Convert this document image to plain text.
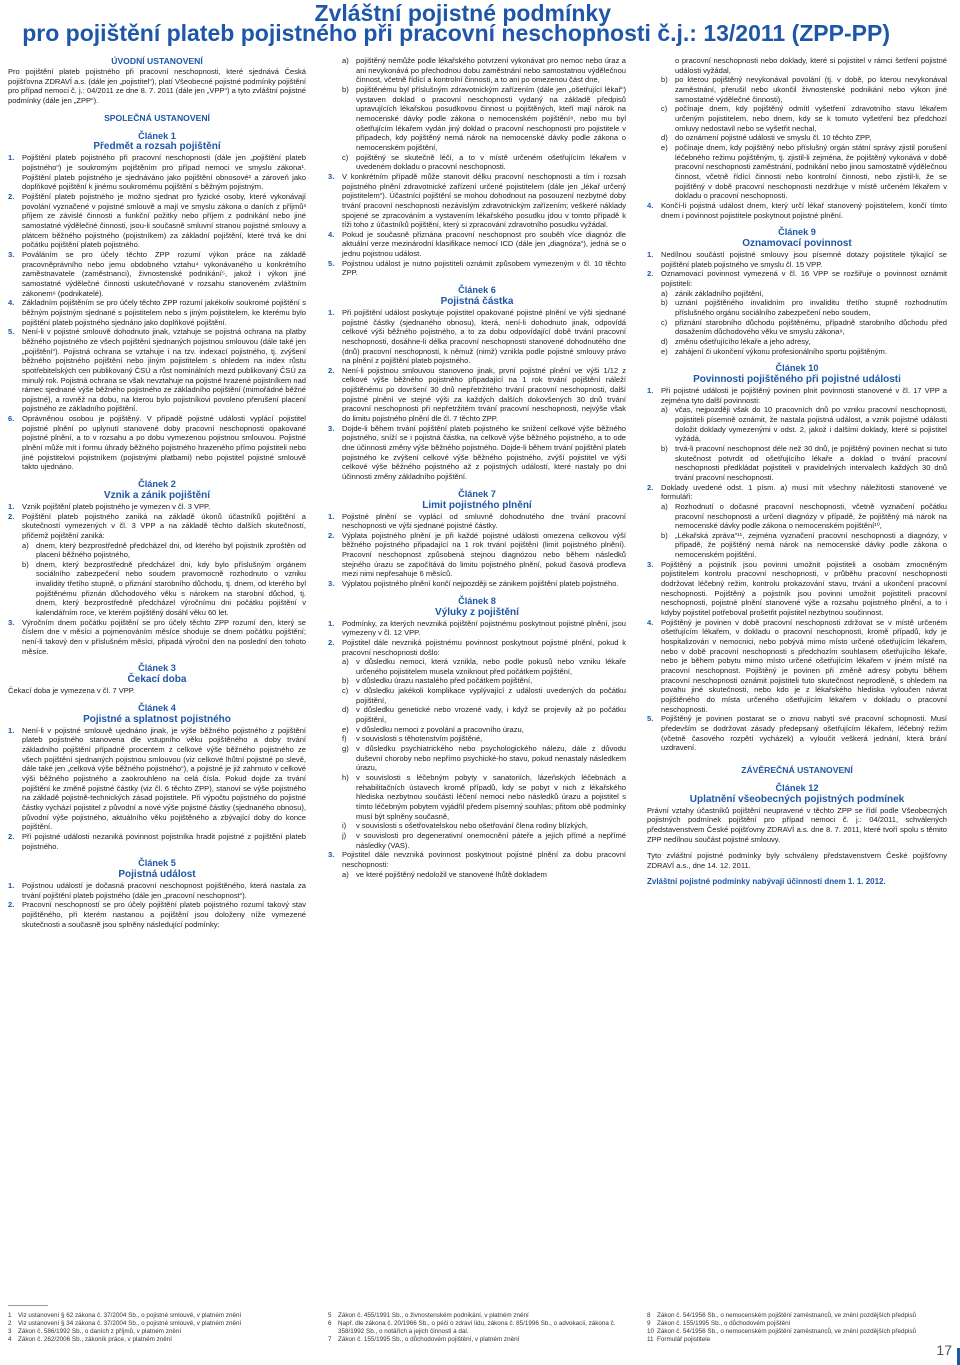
Zvláštní pojistné podmínky
pro pojištění plateb pojistného při pracovní neschopnosti č.j.: 13/2011 (ZPP-PP)
ÚVODNÍ USTANOVENÍ

Pro pojištění plateb pojistného při pracovní neschopnosti, které sjednává Česká pojišťovna ZDRAVÍ a.s. (dále jen „pojistitel“), platí Všeobecné pojistné podmínky pojištění pro případ nemoci č. j.: 04/2011 ze dne 8. 7. 2011 (dále jen „VPP“) a tyto zvláštní pojistné podmínky (dále jen „ZPP“).

SPOLEČNÁ USTANOVENÍ
Článek 1
Předmět a rozsah pojištění
1.	Pojištění plateb pojistného při pracovní neschopnosti (dále jen „pojištění plateb pojistného“) je soukromým pojištěním pro případ nemoci ve smyslu zákona¹. Pojištění plateb pojistného je sjednáváno jako pojištění obnosové² a zároveň jako doplňkové pojištění k jinému soukromému pojištění s běžným pojistným.
2.	Pojištění plateb pojistného je možno sjednat pro fyzické osoby, které vykonávají povolání vyznačené v pojistné smlouvě a mají ve smyslu zákona o daních z příjmů³ příjem ze závislé činnosti a funkční požitky nebo příjem z podnikání nebo jiné samostatné výdělečné činnosti, jsou-li současně smluvní stranou pojistné smlouvy a plátcem běžného pojistného (pojistníkem) za základní pojištění, které trvá ke dni počátku pojištění plateb pojistného.
3.	Pováláním se pro účely těchto ZPP rozumí výkon práce na základě pracovněprávního nebo jemu obdobného vztahu⁴ vykonávaného u konkrétního zaměstnavatele (zaměstnanci), živnostenské podnikání⁵, jakož i výkon jiné samostatné výdělečné činnosti uskutečňované v rozsahu stanoveném zvláštním zákonem⁶ (podnikatelé).
4.	Základním pojištěním se pro účely těchto ZPP rozumí jakékoliv soukromé pojištění s běžným pojistným sjednané s pojistitelem nebo s jiným pojistitelem, ke kterému bylo pojištění plateb pojistného sjednáno jako doplňkové pojištění.
5.	Není-li v pojistné smlouvě dohodnuto jinak, vztahuje se pojistná ochrana na platby běžného pojistného ze všech pojištění sjednaných pojistnou smlouvou (dále také jen „pojištění“). Pojistná ochrana se vztahuje i na tzv. indexací pojistného, tj. zvýšení běžného pojistného pojištění nebo jiným pojistitelem s ohledem na index růstu spotřebitelských cen publikovaný ČSÚ a růst nominálních mezd publikovaný ČSÚ za minulý rok. Pojistná ochrana se však nevztahuje na pojistné hrazené pojistníkem nad rámec sjednané výše běžného pojistného ze základního pojištění (mimořádné běžné pojistné), a rovněž na dobu, na kterou bylo pojistníkovi povoleno přerušení placení pojistného ze základního pojištění.
6.	Oprávněnou osobou je pojištěný. V případě pojistné události vyplácí pojistitel pojistné plnění po uplynutí stanovené doby pracovní neschopnosti opakované pojistné plnění, a to v rozsahu a po dobu vymezenou pojistnou smlouvou. Pojistné plnění může mít i formu úhrady běžného pojistného hrazeného přímo pojistiteli nebo jiné pojistitelovi pojistníkem (pojistnými platbami) nebo pojistitel pojistné smlouvě takto ujednáno.
Článek 2
Vznik a zánik pojištění
1.	Vznik pojištění plateb pojistného je vymezen v čl. 3 VPP.
2.	Pojištění plateb pojistného zaniká na základě úkonů účastníků pojištění a skutečností vymezených v čl. 3 VPP a na základě těchto dalších skutečností, přičemž pojištění zaniká:
a) dnem, který bezprostředně předcházel dni, od kterého byl pojistník zproštěn od placení běžného pojistného,
b) dnem, který bezprostředně předcházel dni, kdy bylo příslušným orgánem sociálního zabezpečení nebo soudem pravomocně rozhodnuto o vzniku invalidity třetího stupně, o přiznání starobního důchodu, tj. dnem, od kterého byl pojištěnému přiznán důchodového věku s nárokem na starobní důchod, tj. dnem, který bezprostředně předcházel výročnímu dni počátku pojištění v kalendářním roce, ve kterém pojištěný dosáhl věku 60 let.
3.	Výročním dnem počátku pojištění se pro účely těchto ZPP rozumí den, který se číslem dne v měsíci a pojmenováním měsíce shoduje se dnem počátku pojištění; není-li takový den v příslušném měsíci, připadá výroční den na poslední den tohoto měsíce.
Článek 3
Čekací doba

Čekací doba je vymezena v čl. 7 VPP.

Článek 4
Pojistné a splatnost pojistného
1.	Není-li v pojistné smlouvě ujednáno jinak, je výše běžného pojistného z pojištění plateb pojistného stanovena dle vstupního věku pojištěného a doby trvání základního pojištění případně procentem z celkové výše běžného pojistného ze všech pojištění sjednaných pojistnou smlouvou (viz celkové lhůtní pojistné po slevě, dále také jen „celková výše běžného pojistného“), a pojistné je již zahrnuto v celkové výši běžného pojistného a zaokrouhleno na celá čísla. Pokud dojde za trvání pojištění ke změně pojistné částky (viz čl. 6 těchto ZPP), stanoví se výše pojistného na základě pojistně-technických zásad pojistitele. Při výpočtu pojistného do pojistné částky vychází pojistitel z původní a nové výše pojistné částky (sjednaného obnosu), původní výše pojistného, aktuálního věku pojištěného a zbývající doby do konce pojištění.
2.	Při pojistné události nezaniká povinnost pojistníka hradit pojistné z pojištění plateb pojistného.
Článek 5
Pojistná událost
1.	Pojistnou událostí je dočasná pracovní neschopnost pojištěného, která nastala za trvání pojištění plateb pojistného (dále jen „pracovní neschopnost“).
2.	Pracovní neschopností se pro účely pojištění plateb pojistného rozumí takový stav pojištěného, při kterém nastanou a pojištění jsou doloženy níže vymezené skutečnosti a současně jsou splněny následující podmínky:
a) pojištěný nemůže podle lékařského potvrzení vykonávat pro nemoc nebo úraz a ani nevykonává po přechodnou dobu zaměstnání nebo samostatnou výdělečnou činnost, včetně řídící a kontrolní činnosti, a to ani po omezenou část dne,
b) pojištěnému byl příslušným zdravotnickým zařízením (dále jen „ošetřující lékař“) vystaven doklad o pracovní neschopnosti vydaný na základě předpisů upravujících lékařskou posudkovou činnost u pojištěných, kteří mají nárok na nemocenské dávky podle zákona o nemocenském pojištění⁸, nebo mu byl ošetřujícím lékařem vydán jiný doklad o pracovní neschopnosti pro pojistitele v případech, kdy pojištěný nemá nárok na nemocenské dávky podle zákona o nemocenském pojištění,
c)	pojištěný se skutečně léčí, a to v místě určeném ošetřujícím lékařem v uvedeném dokladu o pracovní neschopnosti.
3.	V konkrétním případě může stanovit délku pracovní neschopnosti a tím i rozsah pojistného plnění zdravotnické zařízení určené pojistitelem (dále jen „lékař určený pojistitelem“). Účastníci pojištění se mohou dohodnout na posouzení nezbytné doby trvání pracovní neschopnosti nezávislým zdravotnickým zařízením; veškeré náklady spojené se zpracováním a vystavením lékařského posudku jdou v tomto případě k tíži toho z účastníků pojištění, který si zpracování zdravotního posudku vyžádal.
4.	Pokud je současně přiznána pracovní neschopnost pro souběh více diagnóz dle aktuální verze mezinárodní klasifikace nemocí ICD (dále jen „diagnóza“), jedná se o jednu pojistnou událost.
5.	Pojistnou událost je nutno pojistiteli oznámit způsobem vymezeným v čl. 10 těchto ZPP.
Článek 6
Pojistná částka
1.	Při pojištění událost poskytuje pojistitel opakované pojistné plnění ve výši sjednané pojistné částky (sjednaného obnosu), která, není-li dohodnuto jinak, odpovídá celkové výši běžného pojistného, a to za dobu odpovídající době trvání pracovní neschopnosti, dosáhne-li délka pracovní neschopnosti stanovené dohodnutého dne (dnů) pracovní neschopnosti, k němuž (nimž) vznikla podle pojistné smlouvy právo na plnění z pojištění plateb pojistného.
2.	Není-li pojistnou smlouvou stanoveno jinak, první pojistné plnění ve výši 1/12 z celkové výše běžného pojistného připadající na 1 rok trvání pojištění náleží pojištěnému po dovršení 30 dnů nepřetržitého trvání pracovní neschopnosti, další pojistné plnění ve stejné výši za každých dalších dokovšených 30 dnů trvání pracovní neschopnosti při nepřetržitém trvání pracovní neschopnosti, nejvýše však do limitu pojistného plnění dle čl. 7 těchto ZPP.
3.	Dojde-li během trvání pojištění plateb pojistného ke snížení celkové výše běžného pojistného, sníží se i pojistná částka, na celkově výše běžného pojistného, a to ode dne účinnosti změny výše běžného pojistného. Dojde-li během trvání pojištění plateb pojistného ke zvýšení celkové výše běžného pojistného, zvýší pojistitel ve výši celkové výše běžného pojistného až z pojistných událostí, které nastaly po dni účinnosti změny základního pojištění.
Článek 7
Limit pojistného plnění
1.	Pojistné plnění se vyplácí od smluvně dohodnutého dne trvání pracovní neschopnosti ve výši sjednané pojistné částky.
2.	Výplata pojistného plnění je při každé pojistné události omezena celkovou výší běžného pojistného připadající na 1 rok trvání pojištění (limit pojistného plnění). Pracovní neschopnost způsobená stejnou diagnózou nebo během následků stejného úrazu se započítává do limitu pojistného plnění, pokud časová prodleva mezi nimi nepřesahuje 6 měsíců.
3.	Výplatou pojistného plnění končí nejpozději se zánikem pojištění plateb pojistného.
Článek 8
Výluky z pojištění
1.	Podmínky, za kterých nevzniká pojištění pojistnému poskytnout pojistné plnění, jsou vymezeny v čl. 12 VPP.
2.	Pojistitel dále nevzniká pojistnému povinnost poskytnout pojistné plnění, pokud k pracovní neschopnosti došlo:
a) v důsledku nemoci, která vznikla, nebo podle pokusů nebo vzniku lékaře určeného pojistitelem musela vzniknout před počátkem pojištění,
b) v důsledku úrazu nastalého před počátkem pojištění,
c)	v důsledku jakékoli komplikace vyplývající z události uvedených do počátku pojištění,
d) v důsledku genetické nebo vrozené vady, i když se projevily až po počátku pojištění,
e) v důsledku nemoci z povolání a pracovního úrazu,
f)	v souvislosti s těhotenstvím pojištěné,
g) v důsledku psychiatrického nebo psychologického nálezu, dále z důvodu duševní choroby nebo nepřímo psychické-ho stavu, pokud nenastaly následkem úrazu,
h) v souvislosti s léčebným pobyty v sanatoriích, lázeňských léčebnách a rehabilitačních ústavech kromě případů, kdy se pobyt v nich z lékařského hlediska nezbytnou součástí léčení nemoci nebo následků úrazu a pojistitel s tímto léčebným pobytem vyjádřil předem písemný souhlas; přitom obě podmínky musí být splněny současně,
i)	v souvislosti s ošetřovatelskou nebo ošetřování člena rodiny blízkých,
j)	v souvislosti pro degenerativní onemocnění páteře a jejích přímé a nepřímé následky (VAS).
3.	Pojistitel dále nevzniká povinnost poskytnout pojistné plnění za dobu pracovní neschopnosti:
a) ve které pojištěný nedoložil ve stanovené lhůtě dokladem
o pracovní neschopnosti nebo doklady, které si pojistitel v rámci šetření pojistné události vyžádal,
b) po kterou pojištěný nevykonával povolání (tj. v době, po kterou nevykonával zaměstnání, přerušil nebo ukončil živnostenské podnikání nebo výkon jiné samostatné výdělečné činnosti),
c)	počínaje dnem, kdy pojištěný odmítl vyšetření zdravotního stavu lékařem určeným pojistitelem, nebo dnem, kdy se k tomuto vyšetření bez předchozí omluvy nedostavil nebo se vyšetřit nechal,
d) do oznámení pojistné události ve smyslu čl. 10 těchto ZPP,
e) počínaje dnem, kdy pojištěný nebo příslušný orgán státní správy zjistil porušení léčebného režimu pojištěným, tj. zjistil-li zejména, že pojištěný vykonává v době pracovní neschopnosti zaměstnání, podnikání nebo jinou samostatně výdělečnou činnost, včetně řídící činnosti nebo kontrolní činnosti, nebo zjistil-li, že se pojištěný v době pracovní neschopnosti nezdržuje v místě určeném lékařem v dokladu o pracovní neschopnosti.
4.	Končí-li pojistná událost dnem, který určí lékař stanovený pojistitelem, končí tímto dnem i povinnost pojistitele poskytnout pojistné plnění.
Článek 9
Oznamovací povinnost
1.	Nedílnou součástí pojistné smlouvy jsou písemné dotazy pojistitele týkající se pojištění plateb pojistného ve smyslu čl. 15 VPP.
2.	Oznamovací povinnost vymezená v čl. 16 VPP se rozšiřuje o povinnost oznámit pojistiteli:
a) zánik základního pojištění,
b) uznání pojištěného invalidním pro invaliditu třetího stupně rozhodnutím příslušného orgánu sociálního zabezpečení nebo soudem,
c)	přiznání starobního důchodu pojištěnému, případně starobního důchodu před dosažením důchodového věku ve smyslu zákona⁹,
d) změnu ošetřujícího lékaře a jeho adresy,
e) zahájení či ukončení výkonu profesionálního sportu pojištěným.
Článek 10
Povinnosti pojištěného při pojistné události
1.	Při pojistné události je pojištěný povinen plnit povinnosti stanovené v čl. 17 VPP a zejména tyto další povinnosti:
a) včas, nejpozději však do 10 pracovních dnů po vzniku pracovní neschopnosti, pojistiteli písemně oznámit, že nastala pojistná událost, a vznik pojistné události doložit doklady vymezenými v odst. 2, jakož i dalšími doklady, které si pojistitel vyžádá,
b) trvá-li pracovní neschopnost déle než 30 dnů, je pojištěný povinen nechat si tuto skutečnost potvrdit od ošetřujícího lékaře a doklad o trvání pracovní neschopnosti předkládat pojistiteli v pravidelných intervalech každých 30 dnů trvání pracovní neschopnosti.
2.	Doklady uvedené odst. 1 písm. a) musí mít všechny náležitosti stanovené ve formuláři:
a) Rozhodnutí o dočasné pracovní neschopnosti, včetně vyznačení počátku pracovní neschopnosti a určení diagnózy v případě, že pojištěný má nárok na nemocenské dávky podle zákona o nemocenském pojištění¹⁰,
b) „Lékařská zpráva“¹¹, zejména vyznačení pracovní neschopnosti a diagnózy, v případě, že pojištěný nemá nárok na nemocenské dávky podle zákona o nemocenském pojištění.
3.	Pojištěný a pojistník jsou povinni umožnit pojistiteli a osobám zmocněným pojistitelem kontrolu pracovní neschopnosti, v průběhu pracovní neschopnosti dodržovat léčebný režim, kontrolu prokazování stavu, trvání a ukončení pracovní neschopnosti. Pojištěný a pojistník jsou povinni umožnit pojistiteli pracovní neschopnosti, pojistné plnění stanovené výše a rozsahu pojistného plnění, a to i kdyby pojistitel potřeboval prošetřit pojistitel nezbytnou součinnost.
4.	Pojištěný je povinen v době pracovní neschopnosti zdržovat se v místě určeném ošetřujícím lékařem, v dokladu o pracovní neschopnosti, kromě případů, kdy je hospitalizován v nemocnici, nebo pobývá mimo místo určené ošetřujícím lékařem, nebo v době pracovní neschopnosti s předchozím souhlasem ošetřujícího lékaře, nebo je během pobytu mimo místo určené ošetřujícím lékařem v jiném místě na pracovní neschopnost. Pojištěný je povinen při změně adresy pobytu během pracovní neschopnosti oznámit pojistiteli tuto skutečnost neprodleně, s ohledem na povahu jiné skutečnosti, nebo kdo je z lékařského hlediska vyloučen návrat pojištěného do místa určeného ošetřujícím lékařem v dokladu o pracovní neschopnosti.
5.	Pojištěný je povinen postarat se o znovu nabytí své pracovní schopnosti. Musí především se dodržovat zásady předepsaný ošetřujícím lékařem, léčebný režim (včetně časového rozpětí vycházek) a vyloučit veškerá jednání, která brání uzdravení.
ZÁVĚREČNÁ USTANOVENÍ
Článek 12
Uplatnění všeobecných pojistných podmínek

Právní vztahy účastníků pojištění neupravené v těchto ZPP se řídí podle Všeobecných pojistných podmínek pojištění pro případ nemoci č. j.: 04/2011, schválených představenstvem České pojišťovny ZDRAVÍ a.s. dne 8. 7. 2011, které tvoří spolu s těmito ZPP nedílnou součást pojistné smlouvy.

Tyto zvláštní pojistné podmínky byly schváleny představenstvem České pojišťovny ZDRAVÍ a.s., dne 14. 12. 2011.

Zvláštní pojistné podmínky nabývají účinnosti dnem 1. 1. 2012.

1	Viz ustanovení § 62 zákona č. 37/2004 Sb., o pojistné smlouvě, v platném znění
2	Viz ustanovení § 34 zákona č. 37/2004 Sb., o pojistné smlouvě, v platném znění
3	Zákon č. 586/1992 Sb., o daních z příjmů, v platném znění
4	Zákon č. 262/2006 Sb., zákoník práce, v platném znění
5	Zákon č. 455/1991 Sb., o živnostenském podnikání, v platném znění
6	Např. dle zákona č. 20/1966 Sb., o péči o zdraví lidu, zákona č. 85/1996 Sb., o advokacii, zákona č. 358/1992 Sb., o notářích a jejich činnosti a dal.
7	Zákon č. 155/1995 Sb., o důchodovém pojištění, v platném znění
8	Zákon č. 54/1956 Sb., o nemocenském pojištění zaměstnanců, ve znění pozdějších předpisů
9	Zákon č. 155/1995 Sb., o důchodovém pojištění
10 Zákon č. 54/1956 Sb., o nemocenském pojištění zaměstnanců, ve znění pozdějších předpisů
11 Formulář pojistitele
17
